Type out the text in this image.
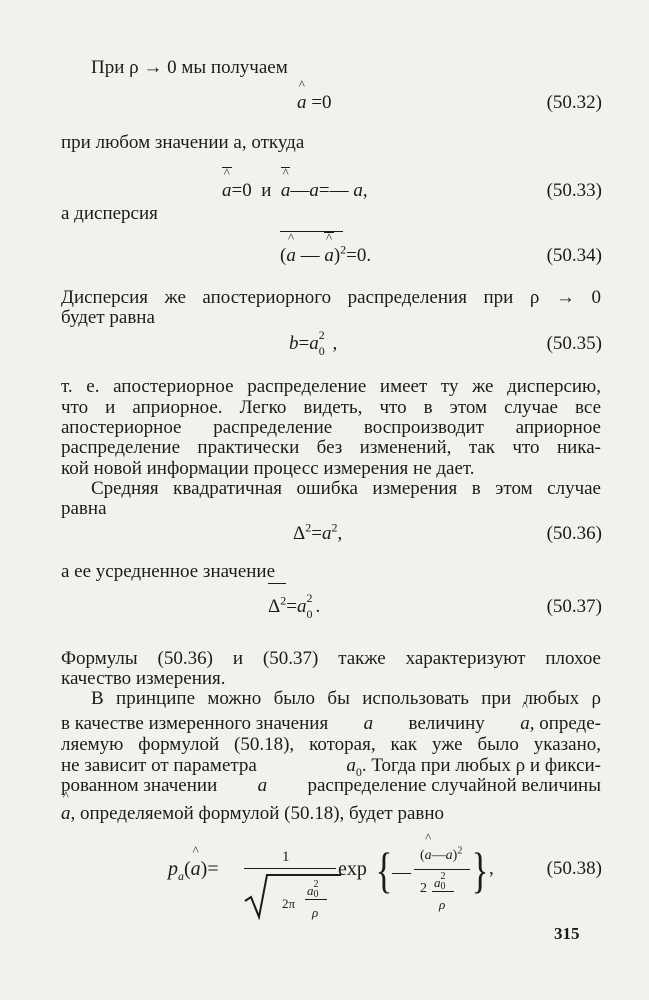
При ρ → 0 мы получаем
^ a =0	(50.32)
при любом значении a, откуда
^ a=0 и ^ a—a=— a,	(50.33)
а дисперсия
(^ a — ^ a)$^2$=0.	(50.34)
Дисперсия же апостериорного распределения при ρ → 0
будет равна
b=a 2
0 ,	(50.35)
т. е. апостериорное распределение имеет ту же дисперсию,
что и априорное. Легко видеть, что в этом случае все
апостериорное распределение воспроизводит априорное
распределение практически без изменений, так что ника-
кой новой информации процесс измерения не дает.
Средняя квадратичная ошибка измерения в этом случае
равна
$\Delta^2=a^2$,	(50.36)
а ее усредненное значение
$\Delta^2=a$ 2
0 .	(50.37)
Формулы (50.36) и (50.37) также характеризуют плохое
качество измерения.
В принципе можно было бы использовать при любых ρ
в качестве измеренного значения a величину ^ a, опреде-
ляемую формулой (50.18), которая, как уже было указано,
не зависит от параметра	$a_0$. Тогда при любых ρ и фикси-
рованном значении a распределение случайной величины
^ a, определяемой формулой (50.18), будет равно
$p_a(\^{}$ a)=
1
2π
a 2
0
ρ
exp { —
(^ a—a)$^2$
2 a 2
0
ρ
} ,	(50.38)
315
